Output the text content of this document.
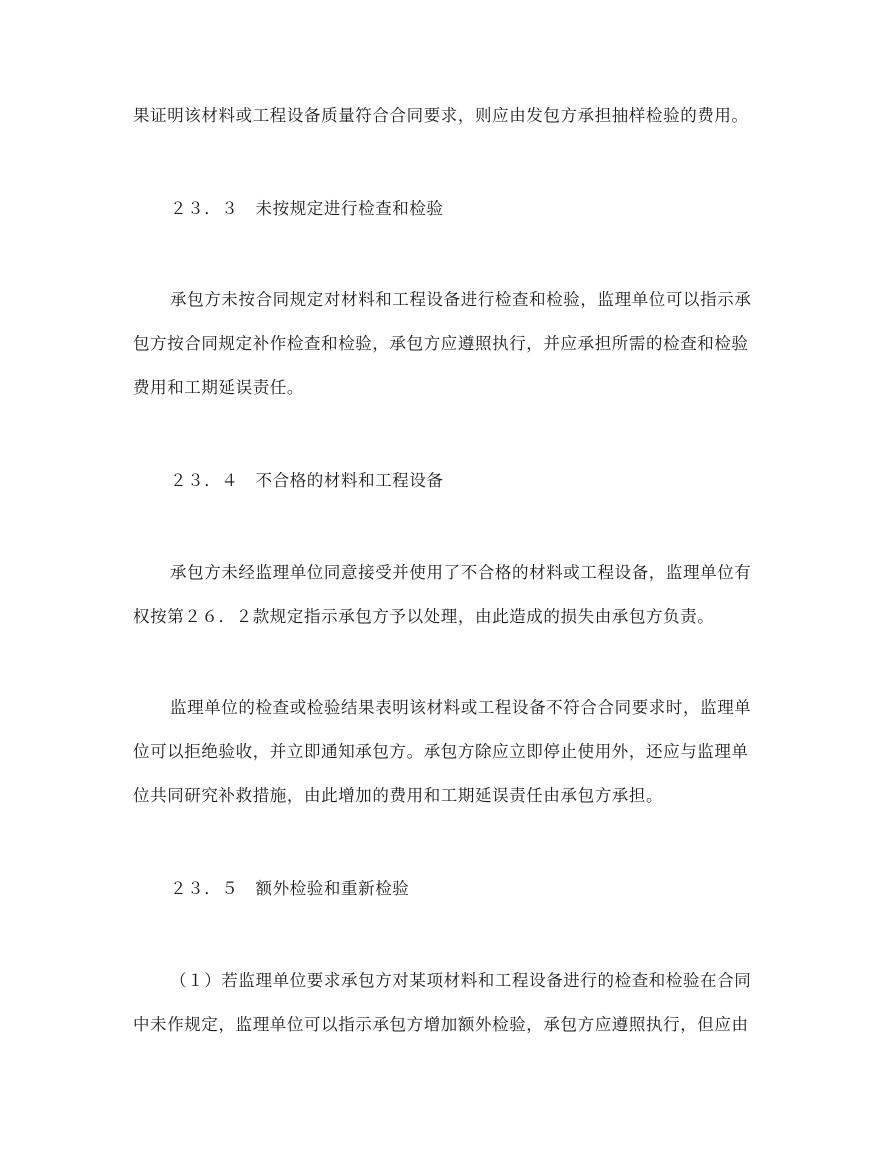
果证明该材料或工程设备质量符合合同要求，则应由发包方承担抽样检验的费用。
２３．３　未按规定进行检查和检验
承包方未按合同规定对材料和工程设备进行检查和检验，监理单位可以指示承
包方按合同规定补作检查和检验，承包方应遵照执行，并应承担所需的检查和检验
费用和工期延误责任。
２３．４　不合格的材料和工程设备
承包方未经监理单位同意接受并使用了不合格的材料或工程设备，监理单位有
权按第２６．２款规定指示承包方予以处理，由此造成的损失由承包方负责。
监理单位的检查或检验结果表明该材料或工程设备不符合合同要求时，监理单
位可以拒绝验收，并立即通知承包方。承包方除应立即停止使用外，还应与监理单
位共同研究补救措施，由此增加的费用和工期延误责任由承包方承担。
２３．５　额外检验和重新检验
（１）若监理单位要求承包方对某项材料和工程设备进行的检查和检验在合同
中未作规定，监理单位可以指示承包方增加额外检验，承包方应遵照执行，但应由
